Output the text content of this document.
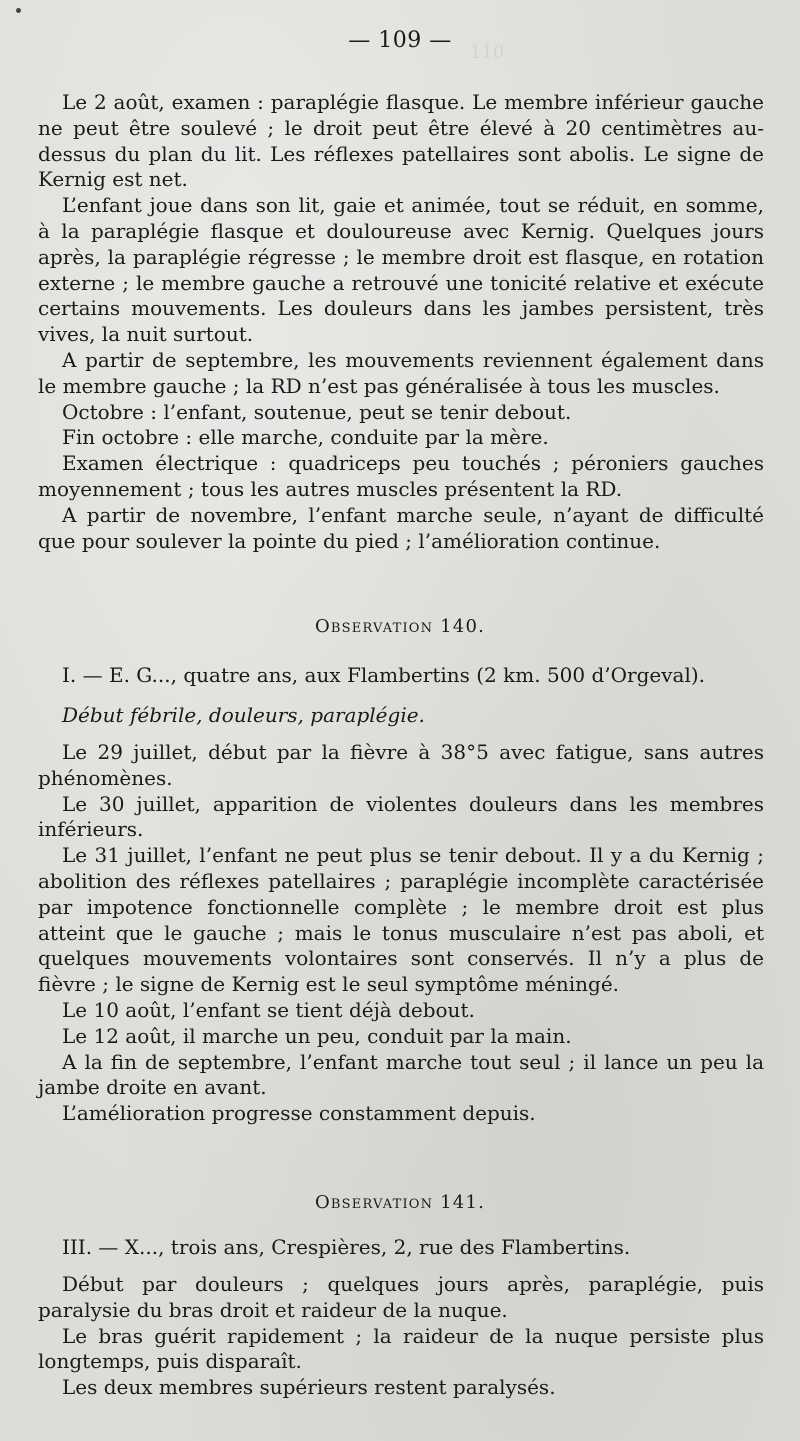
110
— 109 —

Le 2 août, examen : paraplégie flasque. Le membre inférieur gauche ne peut être soulevé ; le droit peut être élevé à 20 centimètres au-dessus du plan du lit. Les réflexes patellaires sont abolis. Le signe de Kernig est net.

L’enfant joue dans son lit, gaie et animée, tout se réduit, en somme, à la paraplégie flasque et douloureuse avec Kernig. Quelques jours après, la paraplégie régresse ; le membre droit est flasque, en rotation externe ; le membre gauche a retrouvé une tonicité relative et exécute certains mouvements. Les douleurs dans les jambes persistent, très vives, la nuit surtout.

A partir de septembre, les mouvements reviennent également dans le membre gauche ; la RD n’est pas généralisée à tous les muscles.

Octobre : l’enfant, soutenue, peut se tenir debout.

Fin octobre : elle marche, conduite par la mère.

Examen électrique : quadriceps peu touchés ; péroniers gauches moyennement ; tous les autres muscles présentent la RD.

A partir de novembre, l’enfant marche seule, n’ayant de difficulté que pour soulever la pointe du pied ; l’amélioration continue.

Observation 140.
I. — E. G..., quatre ans, aux Flambertins (2 km. 500 d’Orgeval).
Début fébrile, douleurs, paraplégie.

Le 29 juillet, début par la fièvre à 38°5 avec fatigue, sans autres phénomènes.

Le 30 juillet, apparition de violentes douleurs dans les membres inférieurs.

Le 31 juillet, l’enfant ne peut plus se tenir debout. Il y a du Kernig ; abolition des réflexes patellaires ; paraplégie incomplète caractérisée par impotence fonctionnelle complète ; le membre droit est plus atteint que le gauche ; mais le tonus musculaire n’est pas aboli, et quelques mouvements volontaires sont conservés. Il n’y a plus de fièvre ; le signe de Kernig est le seul symptôme méningé.

Le 10 août, l’enfant se tient déjà debout.

Le 12 août, il marche un peu, conduit par la main.

A la fin de septembre, l’enfant marche tout seul ; il lance un peu la jambe droite en avant.

L’amélioration progresse constamment depuis.

Observation 141.
III. — X..., trois ans, Crespières, 2, rue des Flambertins.

Début par douleurs ; quelques jours après, paraplégie, puis paralysie du bras droit et raideur de la nuque.

Le bras guérit rapidement ; la raideur de la nuque persiste plus longtemps, puis disparaît.

Les deux membres supérieurs restent paralysés.
